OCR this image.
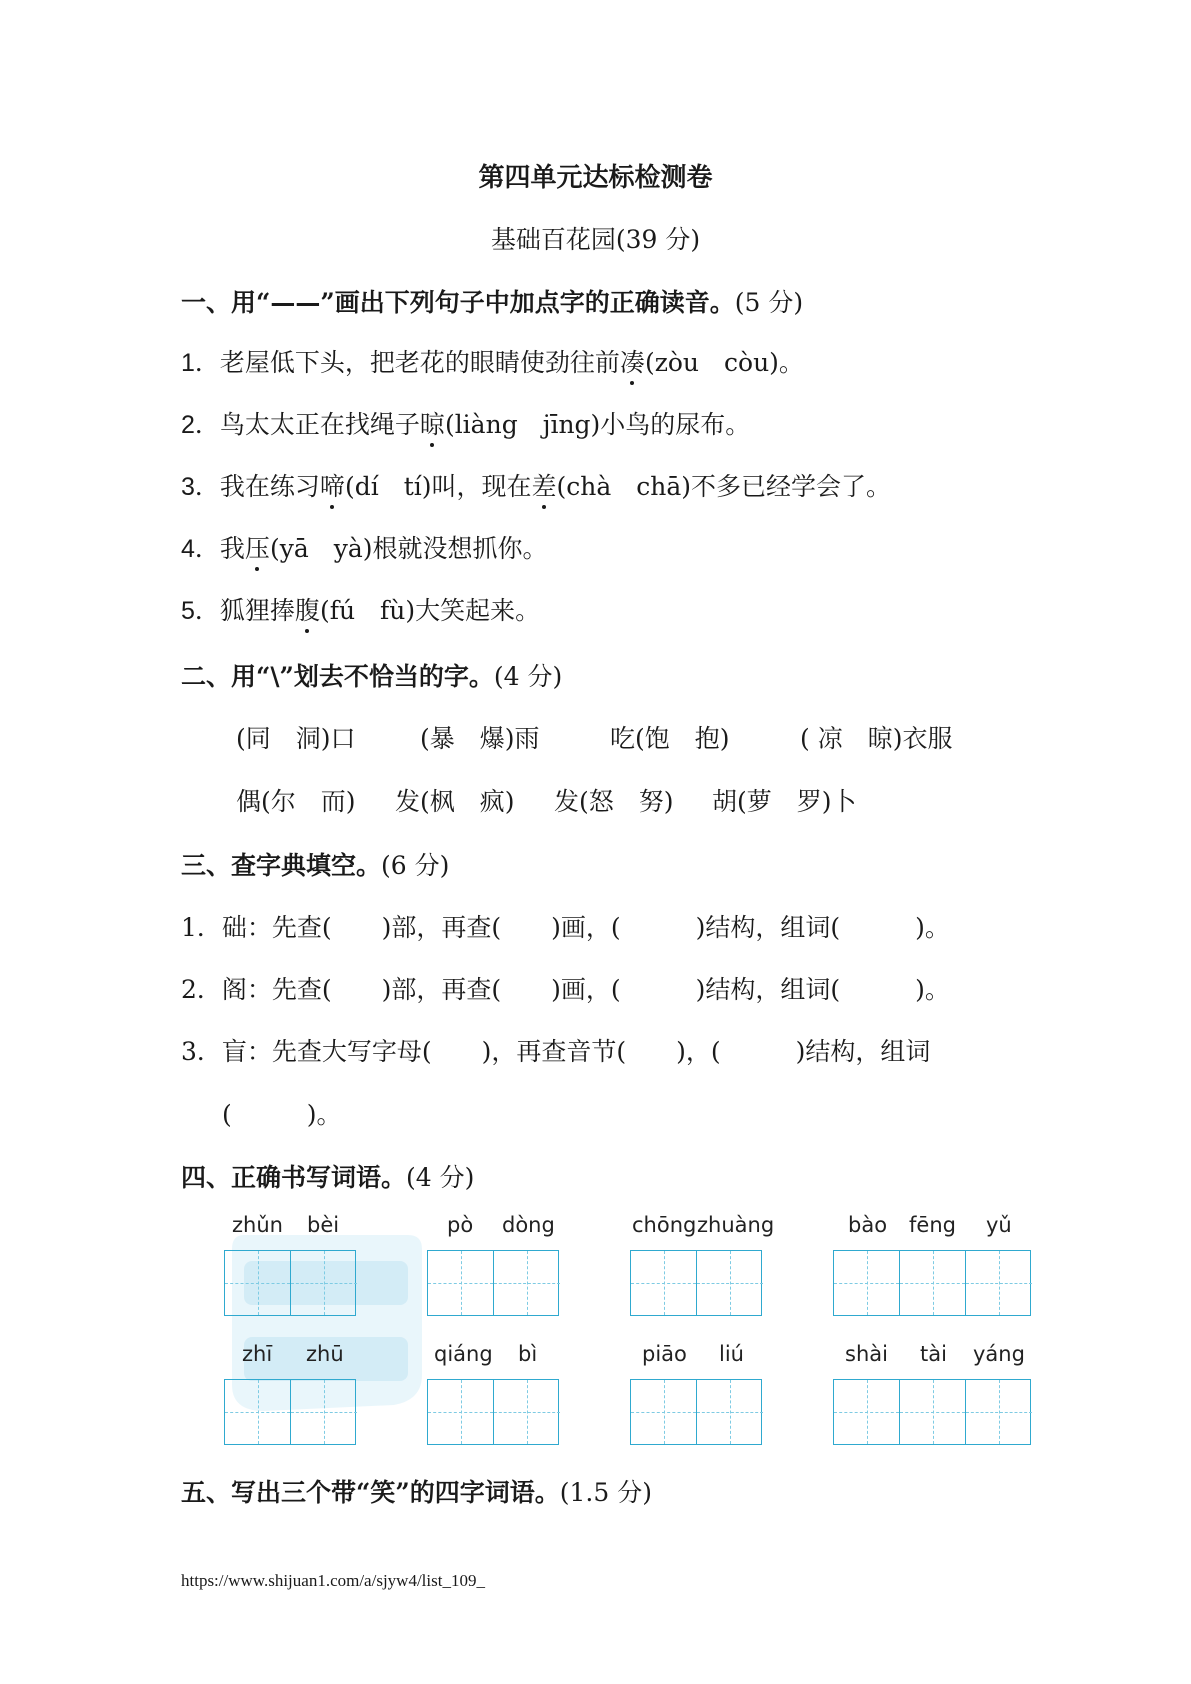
第四单元达标检测卷
基础百花园(39 分)
一、用“——”画出下列句子中加点字的正确读音。(5 分)
1．老屋低下头，把老花的眼睛使劲往前凑(zòu　còu)。
2．鸟太太正在找绳子晾(liàng　jīng)小鸟的尿布。
3．我在练习啼(dí　tí)叫，现在差(chà　chā)不多已经学会了。
4．我压(yā　yà)根就没想抓你。
5．狐狸捧腹(fú　fù)大笑起来。
二、用“\”划去不恰当的字。(4 分)
(同　洞)口	(暴　爆)雨	吃(饱　抱)	( 凉　晾)衣服
偶(尔　而) 发(枫　疯) 发(怒　努) 胡(萝　罗)卜
三、查字典填空。(6 分)
1．础：先查(　　)部，再查(　　)画，(　　　)结构，组词(　　　)。
2．阁：先查(　　)部，再查(　　)画，(　　　)结构，组词(　　　)。
3．盲：先查大写字母(　　)，再查音节(　　)，(　　　)结构，组词
(　　　)。
四、正确书写词语。(4 分)
zhǔn bèi	pò dòng	chōng zhuàng	bào fēng yǔ
zhī zhū	qiáng bì	piāo liú	shài tài yáng
五、写出三个带“笑”的四字词语。(1.5 分)
https://www.shijuan1.com/a/sjyw4/list_109_
